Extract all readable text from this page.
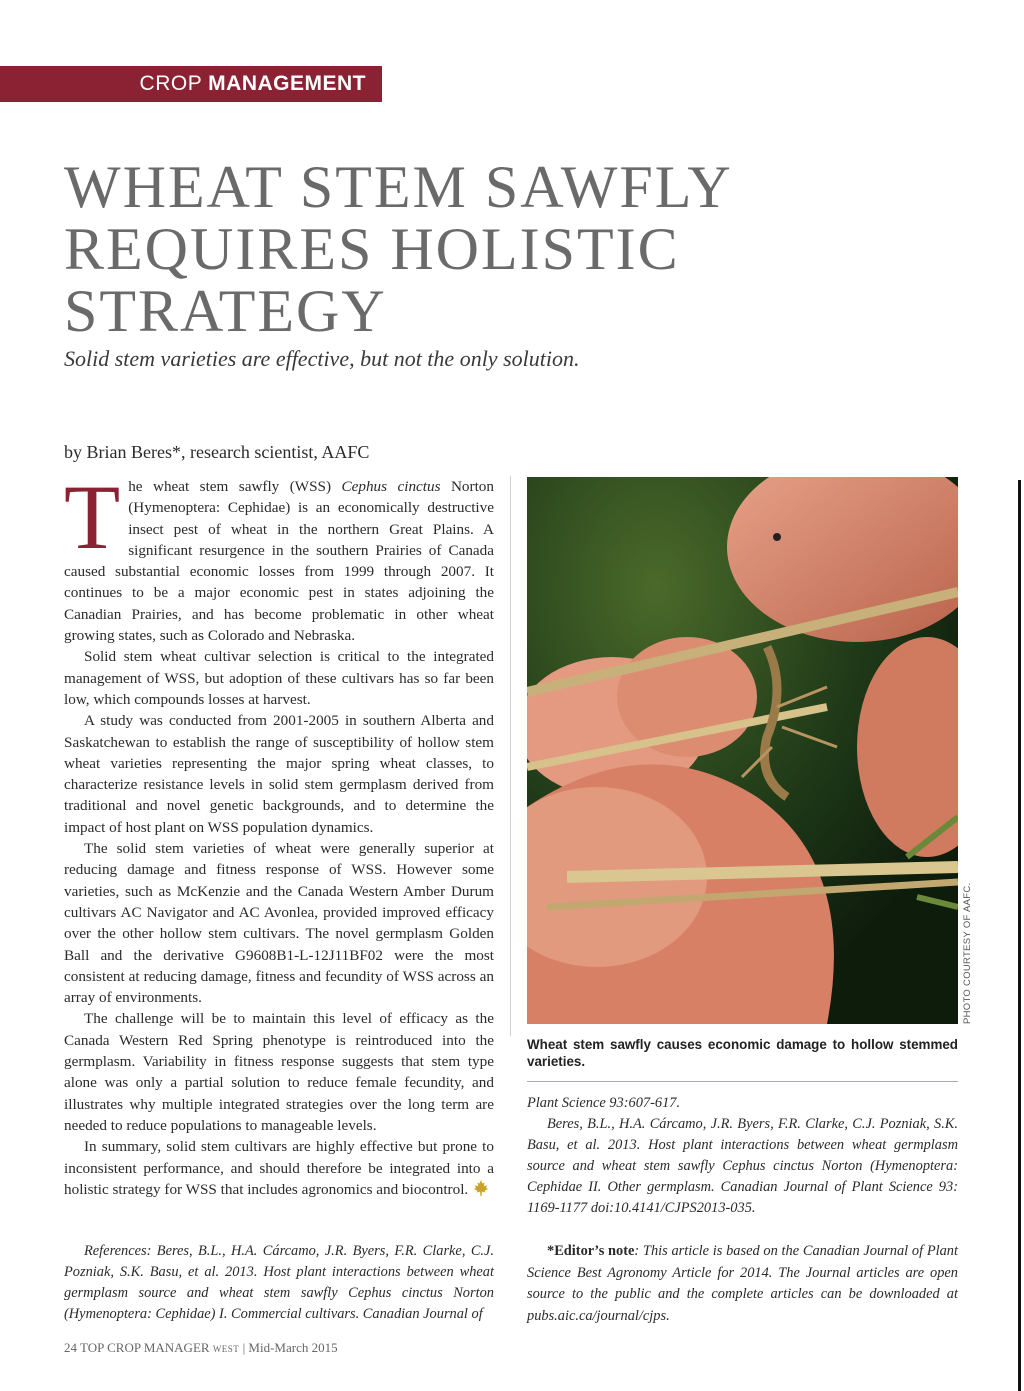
CROP MANAGEMENT
WHEAT STEM SAWFLY
REQUIRES HOLISTIC
STRATEGY
Solid stem varieties are effective, but not the only solution.
by Brian Beres*, research scientist, AAFC

The wheat stem sawfly (WSS) Cephus cinctus Norton (Hymenoptera: Cephidae) is an economically destructive insect pest of wheat in the northern Great Plains. A significant resurgence in the southern Prairies of Canada caused substantial economic losses from 1999 through 2007. It continues to be a major economic pest in states adjoining the Canadian Prairies, and has become problematic in other wheat growing states, such as Colorado and Nebraska.

Solid stem wheat cultivar selection is critical to the integrated management of WSS, but adoption of these cultivars has so far been low, which compounds losses at harvest.

A study was conducted from 2001-2005 in southern Alberta and Saskatchewan to establish the range of susceptibility of hollow stem wheat varieties representing the major spring wheat classes, to characterize resistance levels in solid stem germplasm derived from traditional and novel genetic backgrounds, and to determine the impact of host plant on WSS population dynamics.

The solid stem varieties of wheat were generally superior at reducing damage and fitness response of WSS. However some varieties, such as McKenzie and the Canada Western Amber Durum cultivars AC Navigator and AC Avonlea, provided improved efficacy over the other hollow stem cultivars. The novel germplasm Golden Ball and the derivative G9608B1-L-12J11BF02 were the most consistent at reducing damage, fitness and fecundity of WSS across an array of environments.

The challenge will be to maintain this level of efficacy as the Canada Western Red Spring phenotype is reintroduced into the germplasm. Variability in fitness response suggests that stem type alone was only a partial solution to reduce female fecundity, and illustrates why multiple integrated strategies over the long term are needed to reduce populations to manageable levels.

In summary, solid stem cultivars are highly effective but prone to inconsistent performance, and should therefore be integrated into a holistic strategy for WSS that includes agronomics and biocontrol.

PHOTO COURTESY OF AAFC.
Wheat stem sawfly causes economic damage to hollow stemmed varieties.

Plant Science 93:607-617.

Beres, B.L., H.A. Cárcamo, J.R. Byers, F.R. Clarke, C.J. Pozniak, S.K. Basu, et al. 2013. Host plant interactions between wheat germplasm source and wheat stem sawfly Cephus cinctus Norton (Hymenoptera: Cephidae II. Other germplasm. Canadian Journal of Plant Science 93: 1169-1177 doi:10.4141/CJPS2013-035.

References: Beres, B.L., H.A. Cárcamo, J.R. Byers, F.R. Clarke, C.J. Pozniak, S.K. Basu, et al. 2013. Host plant interactions between wheat germplasm source and wheat stem sawfly Cephus cinctus Norton (Hymenoptera: Cephidae) I. Commercial cultivars. Canadian Journal of

*Editor’s note: This article is based on the Canadian Journal of Plant Science Best Agronomy Article for 2014. The Journal articles are open source to the public and the complete articles can be downloaded at pubs.aic.ca/journal/cjps.
24 TOP CROP MANAGER WEST | Mid-March 2015
